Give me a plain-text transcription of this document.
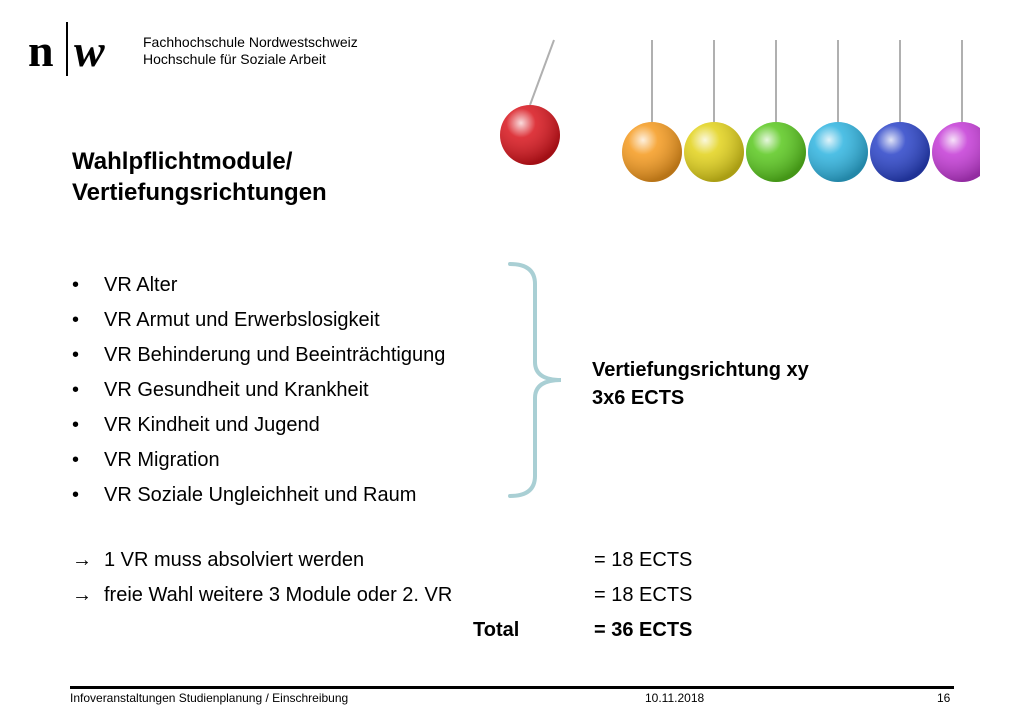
n w	Fachhochschule Nordwestschweiz
Hochschule für Soziale Arbeit
Wahlpflichtmodule/
Vertiefungsrichtungen
•	VR Alter
•	VR Armut und Erwerbslosigkeit
•	VR Behinderung und Beeinträchtigung
•	VR Gesundheit und Krankheit
•	VR Kindheit und Jugend
•	VR Migration
•	VR Soziale Ungleichheit und Raum
Vertiefungsrichtung xy
3x6 ECTS
→ 1 VR muss absolviert werden	= 18 ECTS
→ freie Wahl weitere 3 Module oder 2. VR	= 18 ECTS
Total	= 36 ECTS
Infoveranstaltungen Studienplanung / Einschreibung	10.11.2018	16
